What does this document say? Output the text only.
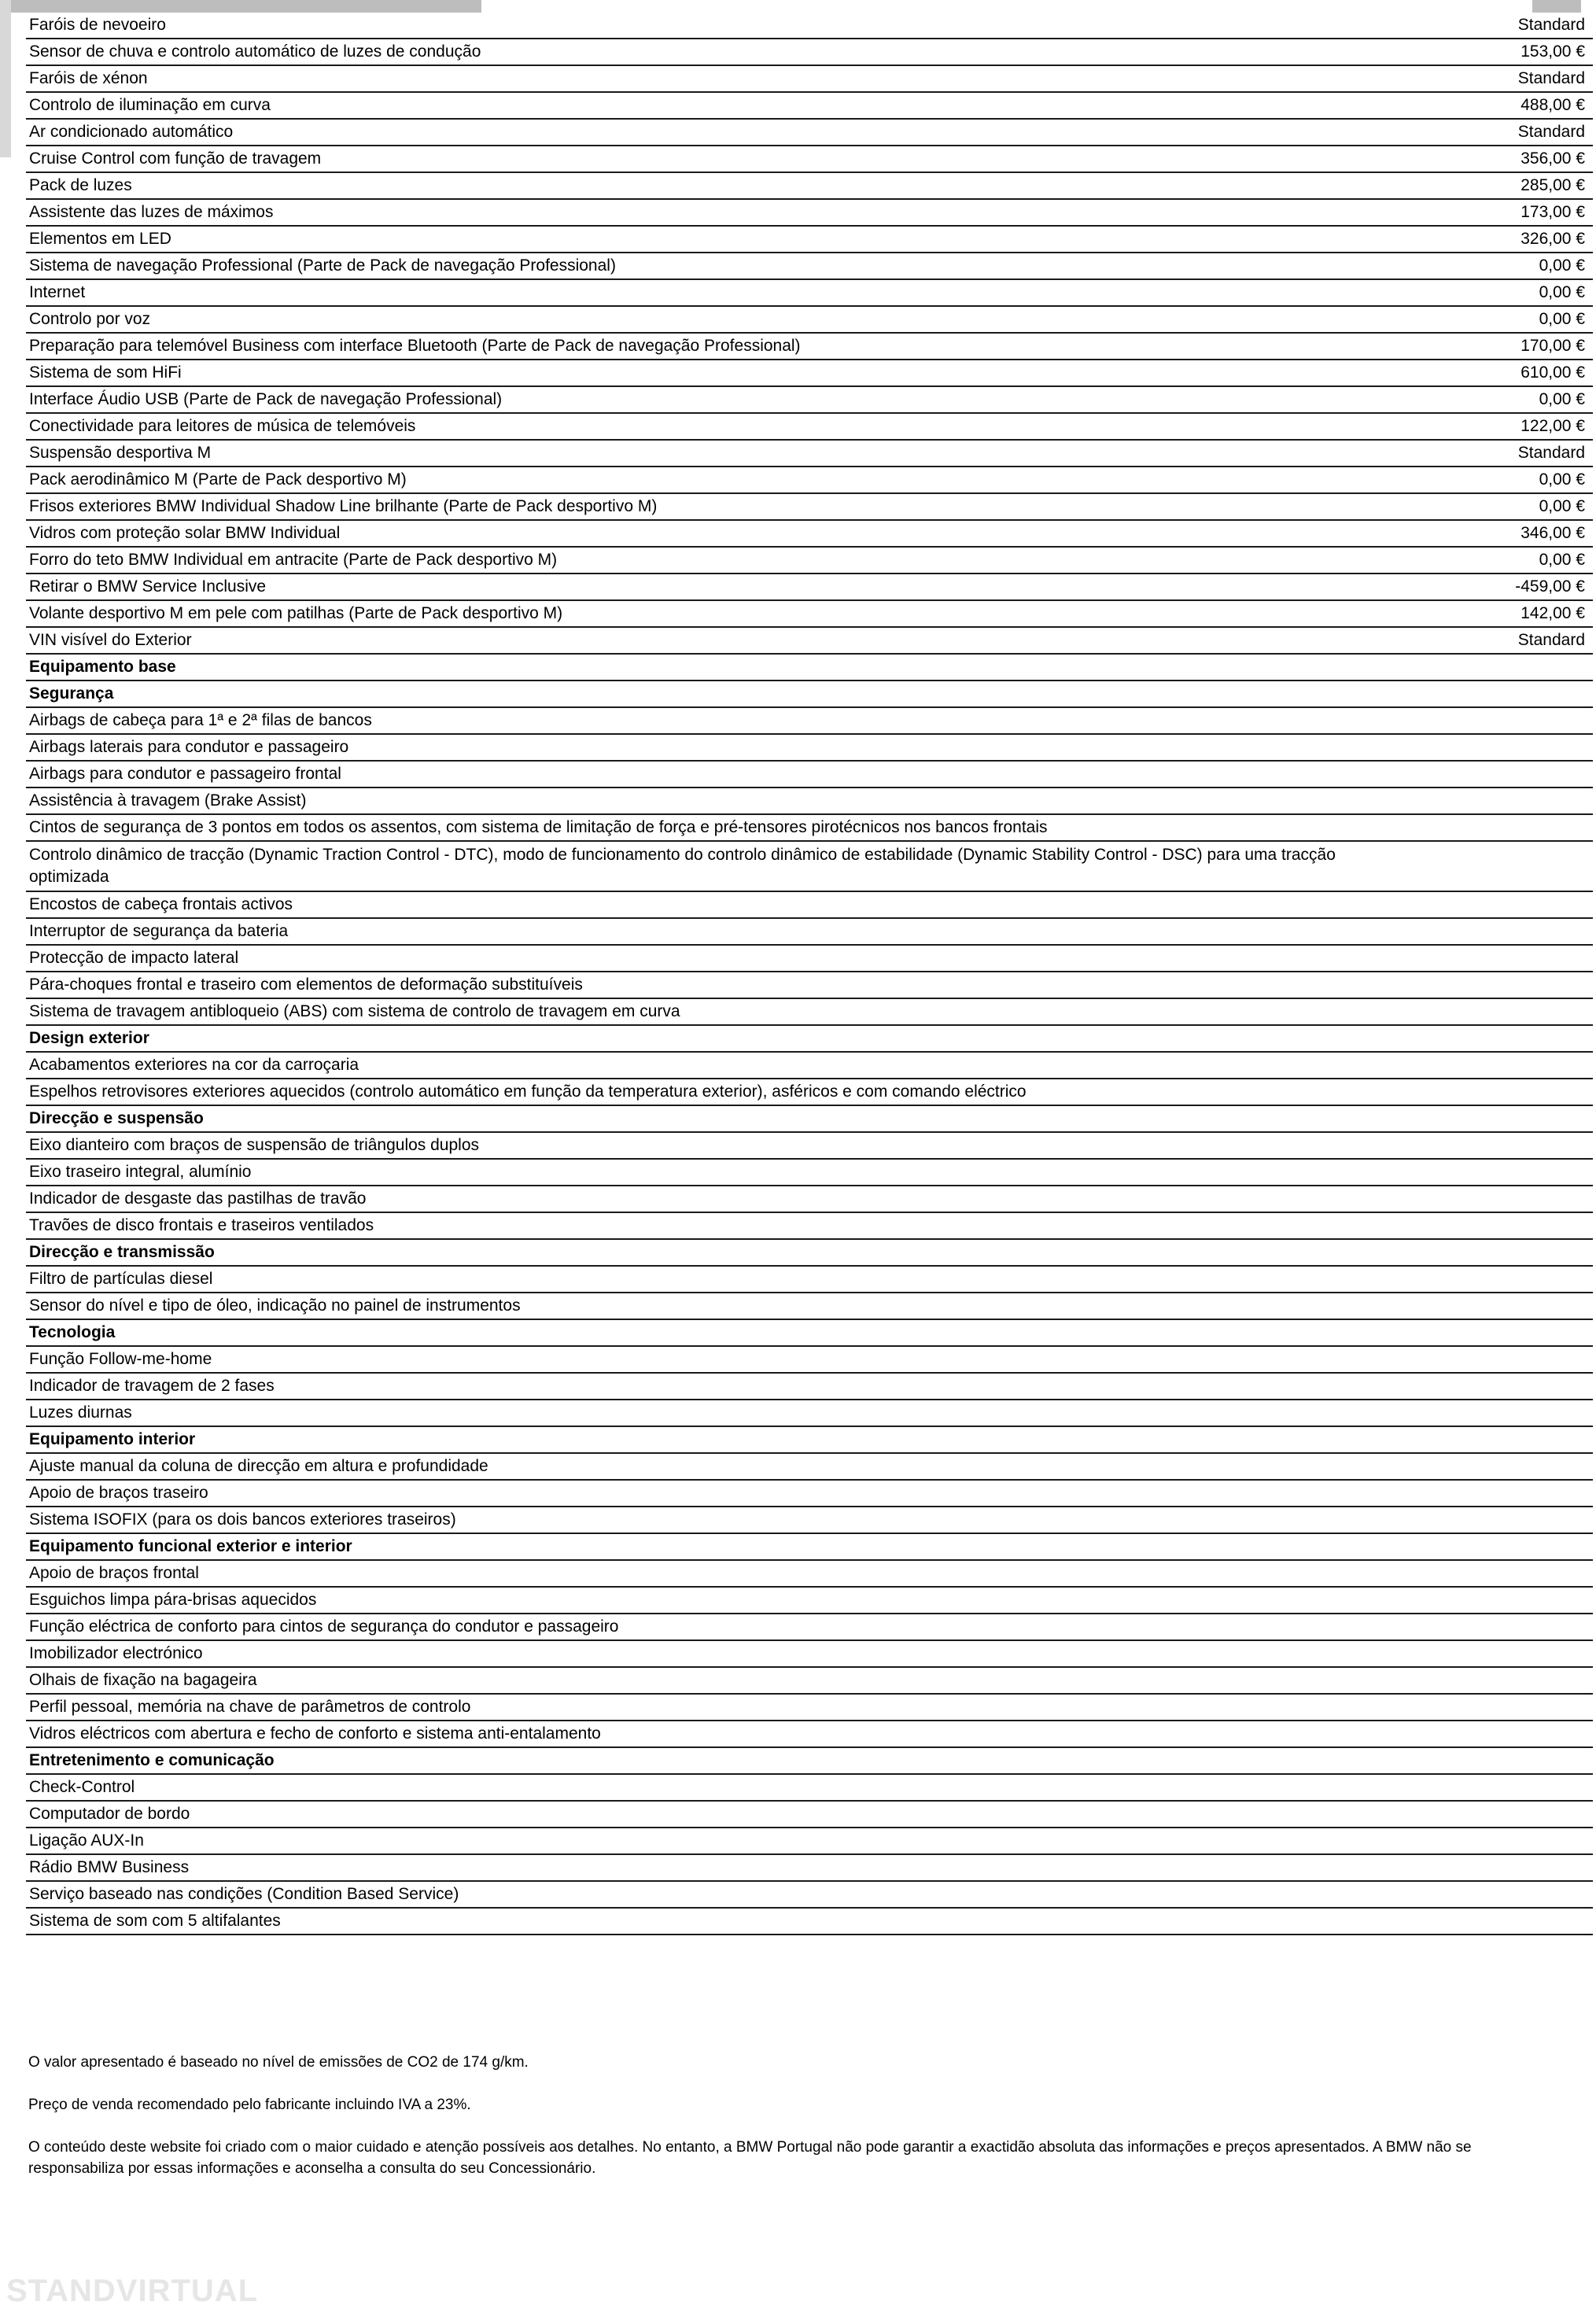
Faróis de nevoeiro	Standard
Sensor de chuva e controlo automático de luzes de condução	153,00 €
Faróis de xénon	Standard
Controlo de iluminação em curva	488,00 €
Ar condicionado automático	Standard
Cruise Control com função de travagem	356,00 €
Pack de luzes	285,00 €
Assistente das luzes de máximos	173,00 €
Elementos em LED	326,00 €
Sistema de navegação Professional (Parte de Pack de navegação Professional)	0,00 €
Internet	0,00 €
Controlo por voz	0,00 €
Preparação para telemóvel Business com interface Bluetooth (Parte de Pack de navegação Professional)	170,00 €
Sistema de som HiFi	610,00 €
Interface Áudio USB (Parte de Pack de navegação Professional)	0,00 €
Conectividade para leitores de música de telemóveis	122,00 €
Suspensão desportiva M	Standard
Pack aerodinâmico M (Parte de Pack desportivo M)	0,00 €
Frisos exteriores BMW Individual Shadow Line brilhante (Parte de Pack desportivo M)	0,00 €
Vidros com proteção solar BMW Individual	346,00 €
Forro do teto BMW Individual em antracite (Parte de Pack desportivo M)	0,00 €
Retirar o BMW Service Inclusive	-459,00 €
Volante desportivo M em pele com patilhas (Parte de Pack desportivo M)	142,00 €
VIN visível do Exterior	Standard
Equipamento base
Segurança
Airbags de cabeça para 1ª e 2ª filas de bancos
Airbags laterais para condutor e passageiro
Airbags para condutor e passageiro frontal
Assistência à travagem (Brake Assist)
Cintos de segurança de 3 pontos em todos os assentos, com sistema de limitação de força e pré-tensores pirotécnicos nos bancos frontais
Controlo dinâmico de tracção (Dynamic Traction Control - DTC), modo de funcionamento do controlo dinâmico de estabilidade (Dynamic Stability Control - DSC) para uma tracção optimizada
Encostos de cabeça frontais activos
Interruptor de segurança da bateria
Protecção de impacto lateral
Pára-choques frontal e traseiro com elementos de deformação substituíveis
Sistema de travagem antibloqueio (ABS) com sistema de controlo de travagem em curva
Design exterior
Acabamentos exteriores na cor da carroçaria
Espelhos retrovisores exteriores aquecidos (controlo automático em função da temperatura exterior), asféricos e com comando eléctrico
Direcção e suspensão
Eixo dianteiro com braços de suspensão de triângulos duplos
Eixo traseiro integral, alumínio
Indicador de desgaste das pastilhas de travão
Travões de disco frontais e traseiros ventilados
Direcção e transmissão
Filtro de partículas diesel
Sensor do nível e tipo de óleo, indicação no painel de instrumentos
Tecnologia
Função Follow-me-home
Indicador de travagem de 2 fases
Luzes diurnas
Equipamento interior
Ajuste manual da coluna de direcção em altura e profundidade
Apoio de braços traseiro
Sistema ISOFIX (para os dois bancos exteriores traseiros)
Equipamento funcional exterior e interior
Apoio de braços frontal
Esguichos limpa pára-brisas aquecidos
Função eléctrica de conforto para cintos de segurança do condutor e passageiro
Imobilizador electrónico
Olhais de fixação na bagageira
Perfil pessoal, memória na chave de parâmetros de controlo
Vidros eléctricos com abertura e fecho de conforto e sistema anti-entalamento
Entretenimento e comunicação
Check-Control
Computador de bordo
Ligação AUX-In
Rádio BMW Business
Serviço baseado nas condições (Condition Based Service)
Sistema de som com 5 altifalantes

O valor apresentado é baseado no nível de emissões de CO2 de 174 g/km.

Preço de venda recomendado pelo fabricante incluindo IVA a 23%.

O conteúdo deste website foi criado com o maior cuidado e atenção possíveis aos detalhes. No entanto, a BMW Portugal não pode garantir a exactidão absoluta das informações e preços apresentados. A BMW não se responsabiliza por essas informações e aconselha a consulta do seu Concessionário.

STANDVIRTUAL
